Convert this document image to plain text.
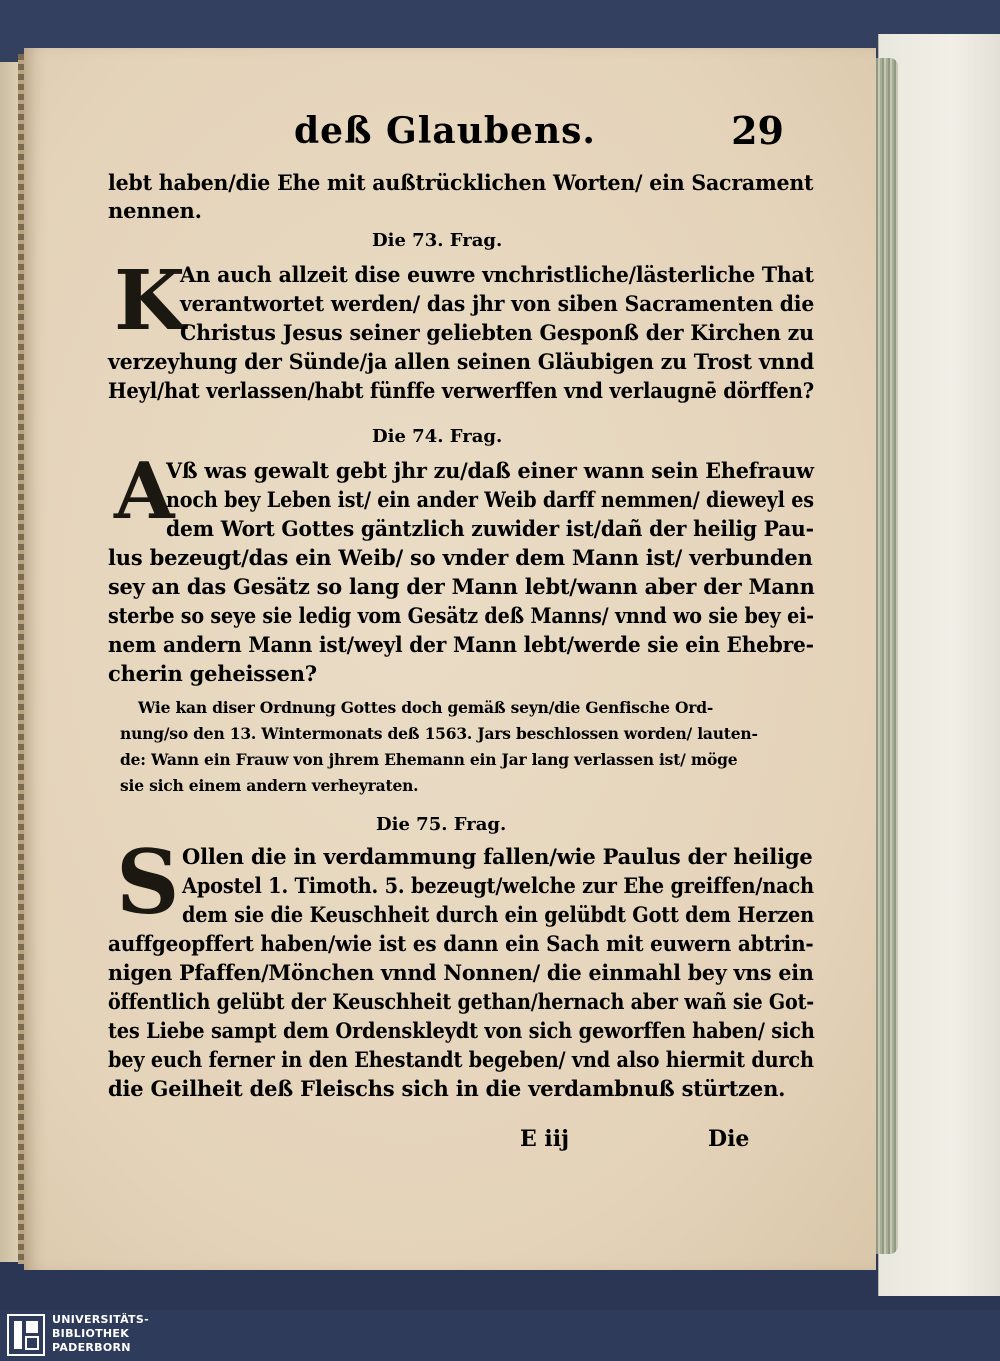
deß Glaubens.	29
lebt haben/die Ehe mit außtrücklichen Worten/ ein Sacrament
nennen.
Die 73. Frag.
K
An auch allzeit dise euwre vnchristliche/lästerliche That
verantwortet werden/ das jhr von siben Sacramenten die
Christus Jesus seiner geliebten Gesponß der Kirchen zu
verzeyhung der Sünde/ja allen seinen Gläubigen zu Trost vnnd
Heyl/hat verlassen/habt fünffe verwerffen vnd verlaugnē dörffen?
Die 74. Frag.
A
Vß was gewalt gebt jhr zu/daß einer wann sein Ehefrauw
noch bey Leben ist/ ein ander Weib darff nemmen/ dieweyl es
dem Wort Gottes gäntzlich zuwider ist/dañ der heilig Pau-
lus bezeugt/das ein Weib/ so vnder dem Mann ist/ verbunden
sey an das Gesätz so lang der Mann lebt/wann aber der Mann
sterbe so seye sie ledig vom Gesätz deß Manns/ vnnd wo sie bey ei-
nem andern Mann ist/weyl der Mann lebt/werde sie ein Ehebre-
cherin geheissen?
Wie kan diser Ordnung Gottes doch gemäß seyn/die Genfische Ord-
nung/so den 13. Wintermonats deß 1563. Jars beschlossen worden/ lauten-
de: Wann ein Frauw von jhrem Ehemann ein Jar lang verlassen ist/ möge
sie sich einem andern verheyraten.
Die 75. Frag.
S Ollen die in verdammung fallen/wie Paulus der heilige
Apostel 1. Timoth. 5. bezeugt/welche zur Ehe greiffen/nach
dem sie die Keuschheit durch ein gelübdt Gott dem Herzen
auffgeopffert haben/wie ist es dann ein Sach mit euwern abtrin-
nigen Pfaffen/Mönchen vnnd Nonnen/ die einmahl bey vns ein
öffentlich gelübt der Keuschheit gethan/hernach aber wañ sie Got-
tes Liebe sampt dem Ordenskleydt von sich geworffen haben/ sich
bey euch ferner in den Ehestandt begeben/ vnd also hiermit durch
die Geilheit deß Fleischs sich in die verdambnuß stürtzen.
E iij	Die
UNIVERSITÄTS-
BIBLIOTHEK
PADERBORN
